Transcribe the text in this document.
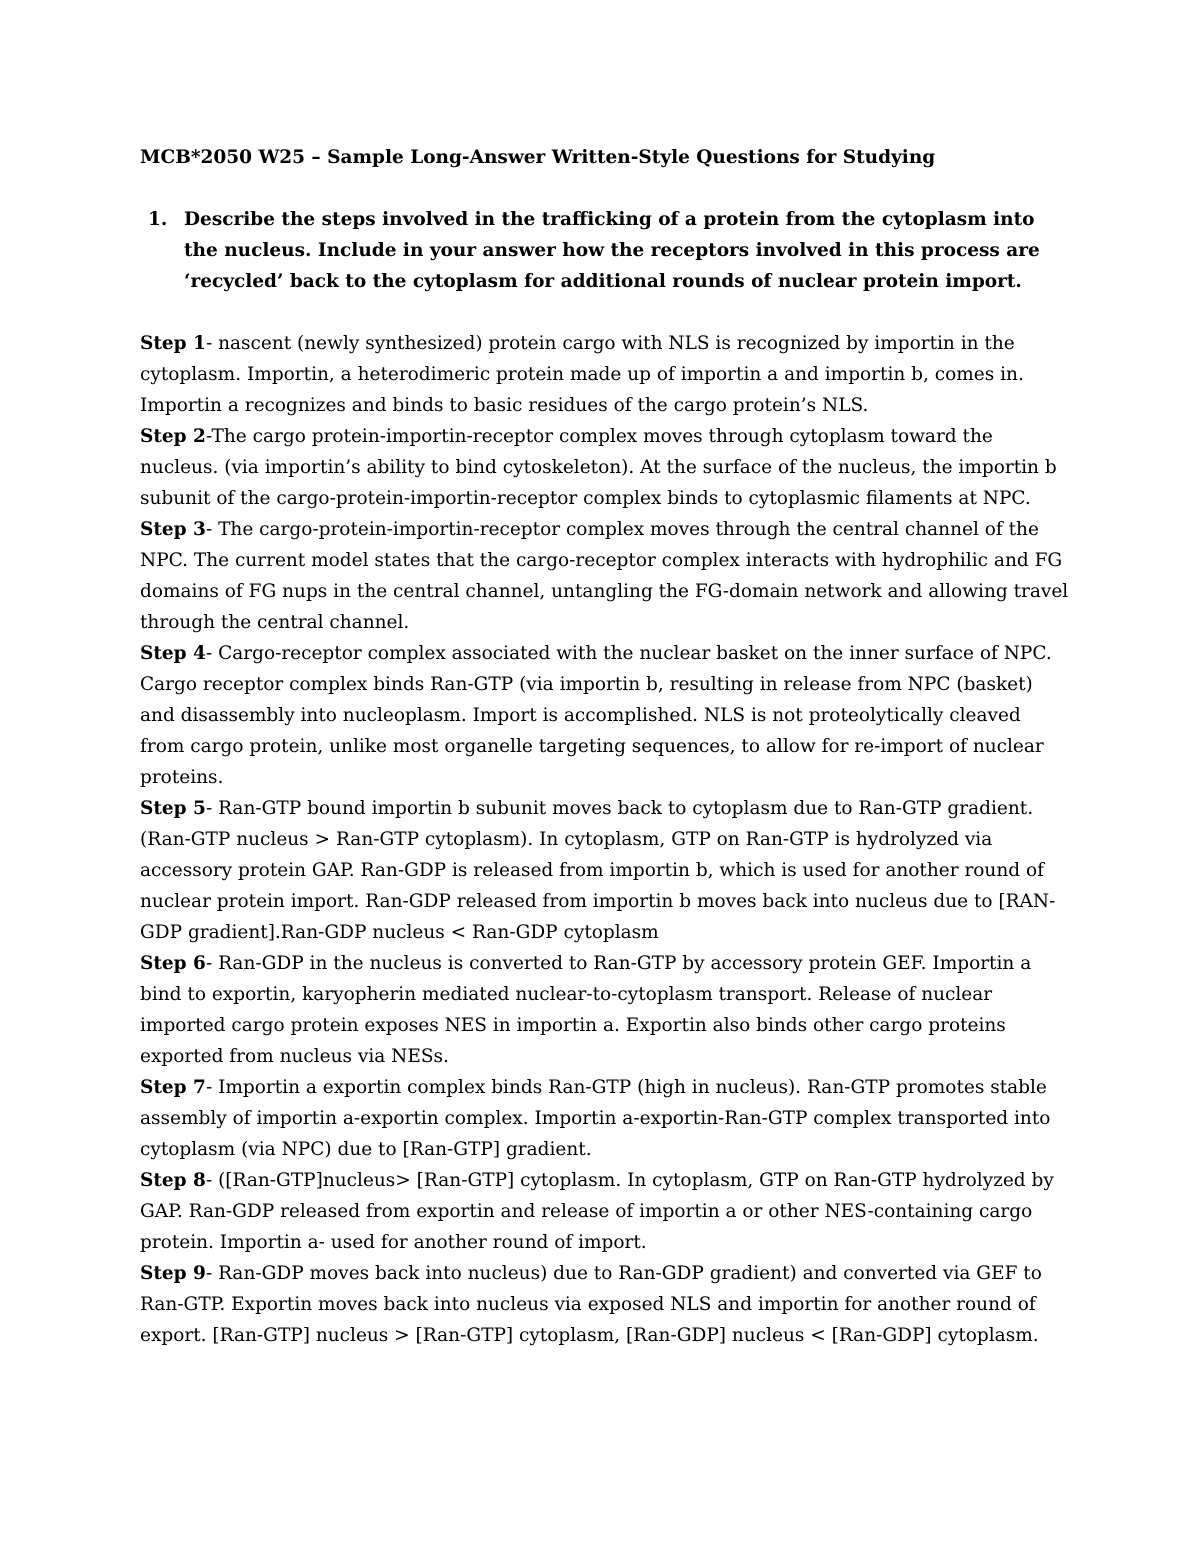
MCB*2050 W25 – Sample Long-Answer Written-Style Questions for Studying

1. Describe the steps involved in the trafficking of a protein from the cytoplasm into the nucleus. Include in your answer how the receptors involved in this process are ‘recycled’ back to the cytoplasm for additional rounds of nuclear protein import.

Step 1- nascent (newly synthesized) protein cargo with NLS is recognized by importin in the cytoplasm. Importin, a heterodimeric protein made up of importin a and importin b, comes in. Importin a recognizes and binds to basic residues of the cargo protein’s NLS.

Step 2-The cargo protein-importin-receptor complex moves through cytoplasm toward the nucleus. (via importin’s ability to bind cytoskeleton). At the surface of the nucleus, the importin b subunit of the cargo-protein-importin-receptor complex binds to cytoplasmic filaments at NPC.

Step 3- The cargo-protein-importin-receptor complex moves through the central channel of the NPC. The current model states that the cargo-receptor complex interacts with hydrophilic and FG domains of FG nups in the central channel, untangling the FG-domain network and allowing travel through the central channel.

Step 4- Cargo-receptor complex associated with the nuclear basket on the inner surface of NPC. Cargo receptor complex binds Ran-GTP (via importin b, resulting in release from NPC (basket) and disassembly into nucleoplasm. Import is accomplished. NLS is not proteolytically cleaved from cargo protein, unlike most organelle targeting sequences, to allow for re-import of nuclear proteins.

Step 5- Ran-GTP bound importin b subunit moves back to cytoplasm due to Ran-GTP gradient. (Ran-GTP nucleus > Ran-GTP cytoplasm). In cytoplasm, GTP on Ran-GTP is hydrolyzed via accessory protein GAP. Ran-GDP is released from importin b, which is used for another round of nuclear protein import. Ran-GDP released from importin b moves back into nucleus due to [RAN-GDP gradient].Ran-GDP nucleus < Ran-GDP cytoplasm

Step 6- Ran-GDP in the nucleus is converted to Ran-GTP by accessory protein GEF. Importin a bind to exportin, karyopherin mediated nuclear-to-cytoplasm transport. Release of nuclear imported cargo protein exposes NES in importin a. Exportin also binds other cargo proteins exported from nucleus via NESs.

Step 7- Importin a exportin complex binds Ran-GTP (high in nucleus). Ran-GTP promotes stable assembly of importin a-exportin complex. Importin a-exportin-Ran-GTP complex transported into cytoplasm (via NPC) due to [Ran-GTP] gradient.

Step 8- ([Ran-GTP]nucleus> [Ran-GTP] cytoplasm. In cytoplasm, GTP on Ran-GTP hydrolyzed by GAP. Ran-GDP released from exportin and release of importin a or other NES-containing cargo protein. Importin a- used for another round of import.

Step 9- Ran-GDP moves back into nucleus) due to Ran-GDP gradient) and converted via GEF to Ran-GTP. Exportin moves back into nucleus via exposed NLS and importin for another round of export. [Ran-GTP] nucleus > [Ran-GTP] cytoplasm, [Ran-GDP] nucleus < [Ran-GDP] cytoplasm.
